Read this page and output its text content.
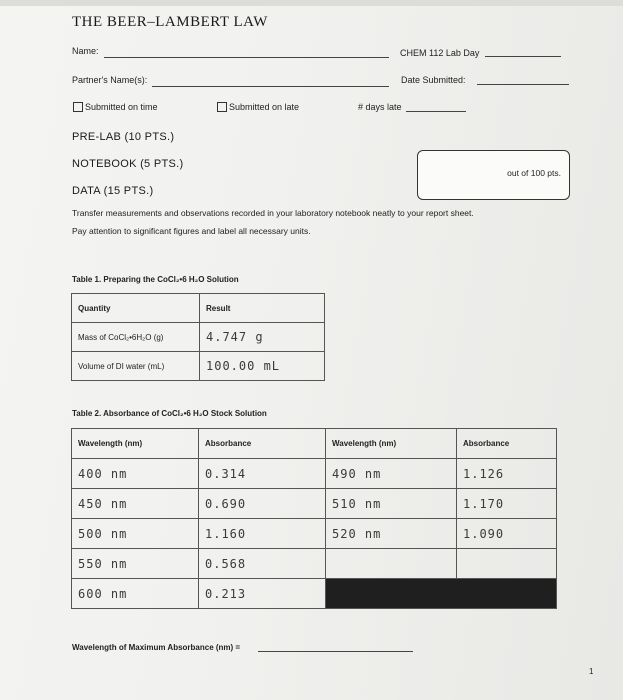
THE BEER–LAMBERT LAW
Name:	CHEM 112 Lab Day
Partner's Name(s):	Date Submitted:
Submitted on time	Submitted on late	# days late
PRE-LAB (10 PTS.)
NOTEBOOK (5 PTS.)
DATA (15 PTS.)
out of 100 pts.
Transfer measurements and observations recorded in your laboratory notebook neatly to your report sheet.
Pay attention to significant figures and label all necessary units.
Table 1. Preparing the CoCl₂•6 H₂O Solution
Quantity	Result
Mass of CoCl₂•6H₂O (g)	4.747 g
Volume of DI water (mL)	100.00 mL
Table 2. Absorbance of CoCl₂•6 H₂O Stock Solution
Wavelength (nm)	Absorbance	Wavelength (nm)	Absorbance
400 nm	0.314	490 nm	1.126
450 nm	0.690	510 nm	1.170
500 nm	1.160	520 nm	1.090
550 nm	0.568		
600 nm	0.213		
Wavelength of Maximum Absorbance (nm) =
1
